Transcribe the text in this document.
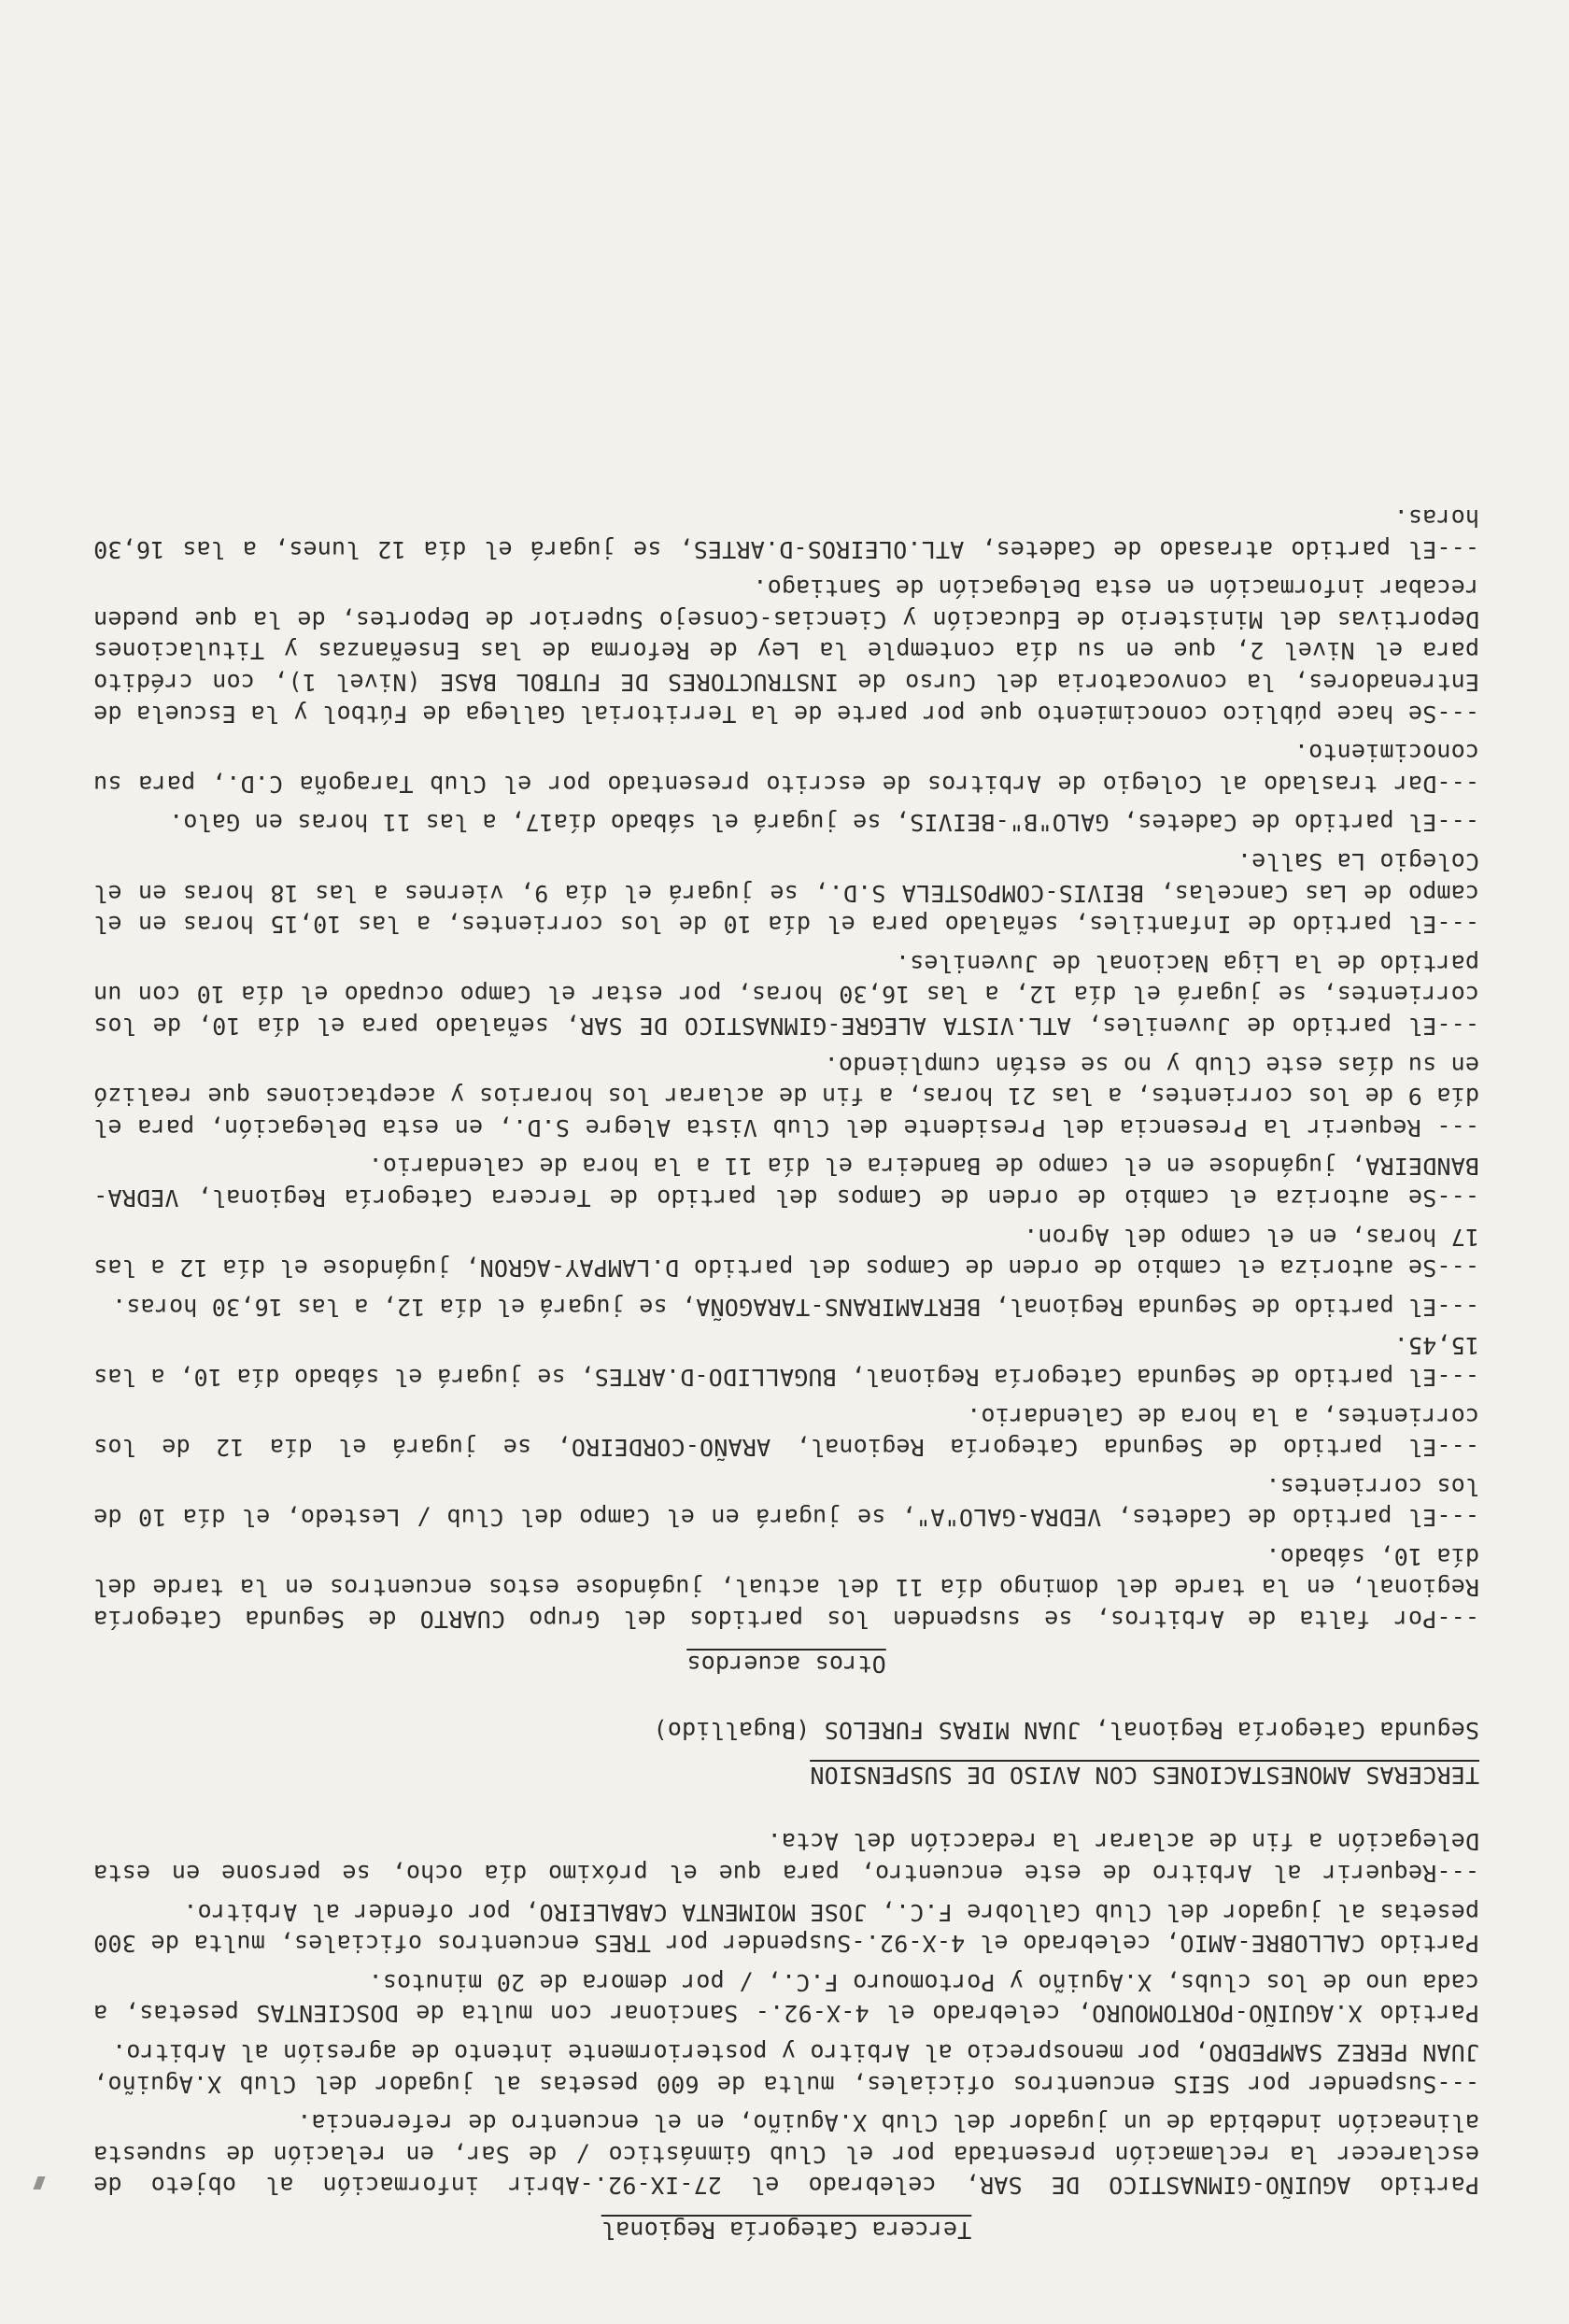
Tercera Categoría Regional

Partido AGUIÑO-GIMNASTICO DE SAR, celebrado el 27-IX-92.-Abrir información al objeto de esclarecer la reclamación presentada por el Club Gimnástico / de Sar, en relación de supuesta alineación indebida de un jugador del Club X.Aguiño, en el encuentro de referencia.

---Suspender por SEIS encuentros oficiales, multa de 600 pesetas al jugador del Club X.Aguiño, JUAN PEREZ SAMPEDRO, por menosprecio al Arbitro y posteriormente intento de agresión al Arbitro.

Partido X.AGUIÑO-PORTOMOURO, celebrado el 4-X-92.- Sancionar con multa de DOSCIENTAS pesetas, a cada uno de los clubs, X.Aguiño y Portomouro F.C., / por demora de 20 minutos.

Partido CALLOBRE-AMIO, celebrado el 4-X-92.-Suspender por TRES encuentros oficiales, multa de 300 pesetas al jugador del Club Callobre F.C., JOSE MOIMENTA CABALEIRO, por ofender al Arbitro.

---Requerir al Arbitro de este encuentro, para que el próximo día ocho, se persone en esta Delegación a fin de aclarar la redacción del Acta.

TERCERAS AMONESTACIONES CON AVISO DE SUSPENSION

Segunda Categoría Regional, JUAN MIRAS FURELOS (Bugallido)

Otros acuerdos

---Por falta de Arbitros, se suspenden los partidos del Grupo CUARTO de Segunda Categoría Regional, en la tarde del domingo día 11 del actual, jugándose estos encuentros en la tarde del día 10, sábado.

---El partido de Cadetes, VEDRA-GALO"A", se jugará en el Campo del Club / Lestedo, el día 10 de los corrientes.

---El partido de Segunda Categoría Regional, ARAÑO-CORDEIRO, se jugará el día 12 de los corrientes, a la hora de Calendario.

---El partido de Segunda Categoría Regional, BUGALLIDO-D.ARTES, se jugará el sábado día 10, a las 15,45.

---El partido de Segunda Regional, BERTAMIRANS-TARAGOÑA, se jugará el día 12, a las 16,30 horas.

---Se autoriza el cambio de orden de Campos del partido D.LAMPAY-AGRON, jugándose el día 12 a las 17 horas, en el campo del Agron.

---Se autoriza el cambio de orden de Campos del partido de Tercera Categoría Regional, VEDRA-BANDEIRA, jugándose en el campo de Bandeira el día 11 a la hora de calendario.

--- Requerir la Presencia del Presidente del Club Vista Alegre S.D., en esta Delegación, para el día 9 de los corrientes, a las 21 horas, a fin de aclarar los horarios y aceptaciones que realizó en su días este Club y no se están cumpliendo.

---El partido de Juveniles, ATL.VISTA ALEGRE-GIMNASTICO DE SAR, señalado para el día 10, de los corrientes, se jugará el día 12, a las 16,30 horas, por estar el Campo ocupado el día 10 con un partido de la Liga Nacional de Juveniles.

---El partido de Infantiles, señalado para el día 10 de los corrientes, a las 10,15 horas en el campo de Las Cancelas, BEIVIS-COMPOSTELA S.D., se jugará el día 9, viernes a las 18 horas en el Colegio La Salle.

---El partido de Cadetes, GALO"B"-BEIVIS, se jugará el sábado día17, a las 11 horas en Galo.

---Dar traslado al Colegio de Arbitros de escrito presentado por el Club Taragoña C.D., para su conocimiento.

---Se hace público conocimiento que por parte de la Territorial Gallega de Fútbol y la Escuela de Entrenadores, la convocatoria del Curso de INSTRUCTORES DE FUTBOL BASE (Nivel 1), con crédito para el Nivel 2, que en su día contemple la Ley de Reforma de las Enseñanzas y Titulaciones Deportivas del Ministerio de Educación y Ciencias-Consejo Superior de Deportes, de la que pueden recabar información en esta Delegación de Santiago.

---El partido atrasado de Cadetes, ATL.OLEIROS-D.ARTES, se jugará el día 12 lunes, a las 16,30 horas.
